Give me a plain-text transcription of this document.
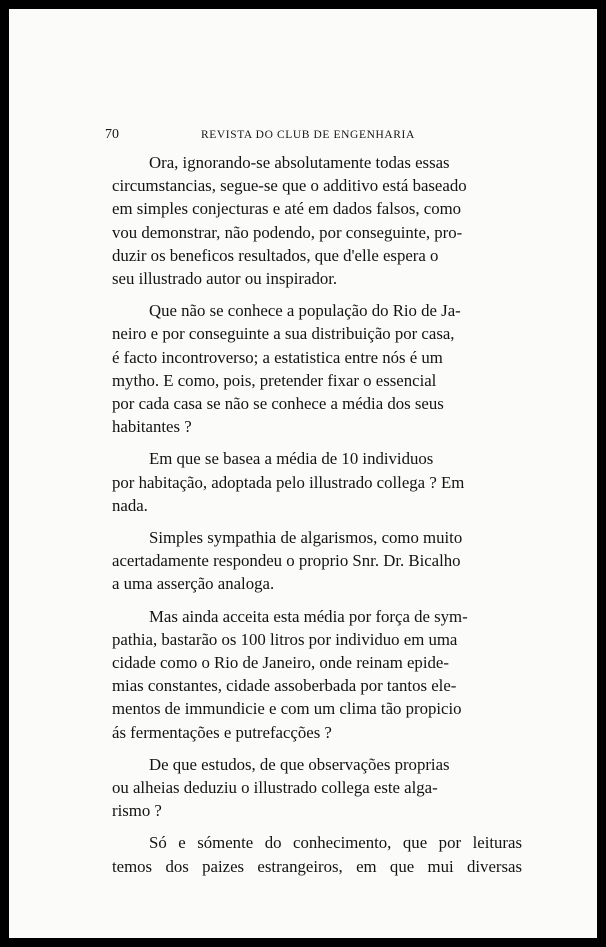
70	REVISTA DO CLUB DE ENGENHARIA

Ora, ignorando-se absolutamente todas essas
circumstancias, segue-se que o additivo está baseado
em simples conjecturas e até em dados falsos, como
vou demonstrar, não podendo, por conseguinte, pro-
duzir os beneficos resultados, que d'elle espera o
seu illustrado autor ou inspirador.

Que não se conhece a população do Rio de Ja-
neiro e por conseguinte a sua distribuição por casa,
é facto incontroverso; a estatistica entre nós é um
mytho. E como, pois, pretender fixar o essencial
por cada casa se não se conhece a média dos seus
habitantes ?

Em que se basea a média de 10 individuos
por habitação, adoptada pelo illustrado collega ? Em
nada.

Simples sympathia de algarismos, como muito
acertadamente respondeu o proprio Snr. Dr. Bicalho
a uma asserção analoga.

Mas ainda acceita esta média por força de sym-
pathia, bastarão os 100 litros por individuo em uma
cidade como o Rio de Janeiro, onde reinam epide-
mias constantes, cidade assoberbada por tantos ele-
mentos de immundicie e com um clima tão propicio
ás fermentações e putrefacções ?

De que estudos, de que observações proprias
ou alheias deduziu o illustrado collega este alga-
rismo ?

Só e sómente do conhecimento, que por leituras
temos dos paizes estrangeiros, em que mui diversas
